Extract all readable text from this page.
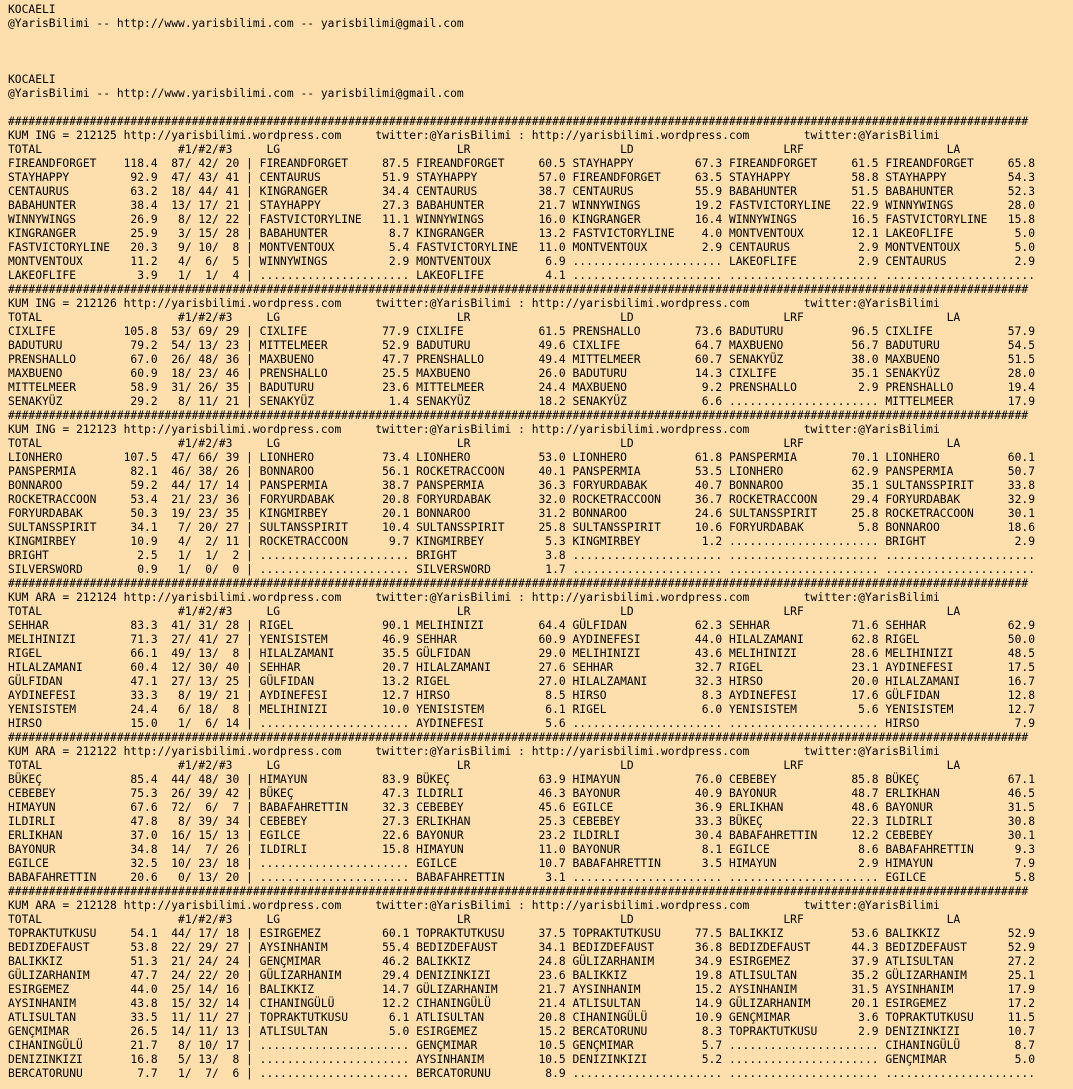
KOCAELI
@YarisBilimi -- http://www.yarisbilimi.com -- yarisbilimi@gmail.com
KOCAELI
@YarisBilimi -- http://www.yarisbilimi.com -- yarisbilimi@gmail.com
######################################################################################################################################################
KUM ING = 212125 http://yarisbilimi.wordpress.com     twitter:@YarisBilimi : http://yarisbilimi.wordpress.com        twitter:@YarisBilimi
TOTAL                    #1/#2/#3     LG                          LR                      LD                      LRF                     LA
FIREANDFORGET    118.4  87/ 42/ 20 | FIREANDFORGET     87.5 FIREANDFORGET     60.5 STAYHAPPY         67.3 FIREANDFORGET     61.5 FIREANDFORGET     65.8
STAYHAPPY         92.9  47/ 43/ 41 | CENTAURUS         51.9 STAYHAPPY         57.0 FIREANDFORGET     63.5 STAYHAPPY         58.8 STAYHAPPY         54.3
CENTAURUS         63.2  18/ 44/ 41 | KINGRANGER        34.4 CENTAURUS         38.7 CENTAURUS         55.9 BABAHUNTER        51.5 BABAHUNTER        52.3
BABAHUNTER        38.4  13/ 17/ 21 | STAYHAPPY         27.3 BABAHUNTER        21.7 WINNYWINGS        19.2 FASTVICTORYLINE   22.9 WINNYWINGS        28.0
WINNYWINGS        26.9   8/ 12/ 22 | FASTVICTORYLINE   11.1 WINNYWINGS        16.0 KINGRANGER        16.4 WINNYWINGS        16.5 FASTVICTORYLINE   15.8
KINGRANGER        25.9   3/ 15/ 28 | BABAHUNTER         8.7 KINGRANGER        13.2 FASTVICTORYLINE    4.0 MONTVENTOUX       12.1 LAKEOFLIFE         5.0
FASTVICTORYLINE   20.3   9/ 10/  8 | MONTVENTOUX        5.4 FASTVICTORYLINE   11.0 MONTVENTOUX        2.9 CENTAURUS          2.9 MONTVENTOUX        5.0
MONTVENTOUX       11.2   4/  6/  5 | WINNYWINGS         2.9 MONTVENTOUX        6.9 ...................... LAKEOFLIFE         2.9 CENTAURUS          2.9
LAKEOFLIFE         3.9   1/  1/  4 | ...................... LAKEOFLIFE         4.1 ...................... ...................... ......................
######################################################################################################################################################
KUM ING = 212126 http://yarisbilimi.wordpress.com     twitter:@YarisBilimi : http://yarisbilimi.wordpress.com        twitter:@YarisBilimi
TOTAL                    #1/#2/#3     LG                          LR                      LD                      LRF                     LA
CIXLIFE          105.8  53/ 69/ 29 | CIXLIFE           77.9 CIXLIFE           61.5 PRENSHALLO        73.6 BADUTURU          96.5 CIXLIFE           57.9
BADUTURU          79.2  54/ 13/ 23 | MITTELMEER        52.9 BADUTURU          49.6 CIXLIFE           64.7 MAXBUENO          56.7 BADUTURU          54.5
PRENSHALLO        67.0  26/ 48/ 36 | MAXBUENO          47.7 PRENSHALLO        49.4 MITTELMEER        60.7 SENAKYÜZ          38.0 MAXBUENO          51.5
MAXBUENO          60.9  18/ 23/ 46 | PRENSHALLO        25.5 MAXBUENO          26.0 BADUTURU          14.3 CIXLIFE           35.1 SENAKYÜZ          28.0
MITTELMEER        58.9  31/ 26/ 35 | BADUTURU          23.6 MITTELMEER        24.4 MAXBUENO           9.2 PRENSHALLO         2.9 PRENSHALLO        19.4
SENAKYÜZ          29.2   8/ 11/ 21 | SENAKYÜZ           1.4 SENAKYÜZ          18.2 SENAKYÜZ           6.6 ...................... MITTELMEER        17.9
######################################################################################################################################################
KUM ING = 212123 http://yarisbilimi.wordpress.com     twitter:@YarisBilimi : http://yarisbilimi.wordpress.com        twitter:@YarisBilimi
TOTAL                    #1/#2/#3     LG                          LR                      LD                      LRF                     LA
LIONHERO         107.5  47/ 66/ 39 | LIONHERO          73.4 LIONHERO          53.0 LIONHERO          61.8 PANSPERMIA        70.1 LIONHERO          60.1
PANSPERMIA        82.1  46/ 38/ 26 | BONNAROO          56.1 ROCKETRACCOON     40.1 PANSPERMIA        53.5 LIONHERO          62.9 PANSPERMIA        50.7
BONNAROO          59.2  44/ 17/ 14 | PANSPERMIA        38.7 PANSPERMIA        36.3 FORYURDABAK       40.7 BONNAROO          35.1 SULTANSSPIRIT     33.8
ROCKETRACCOON     53.4  21/ 23/ 36 | FORYURDABAK       20.8 FORYURDABAK       32.0 ROCKETRACCOON     36.7 ROCKETRACCOON     29.4 FORYURDABAK       32.9
FORYURDABAK       50.3  19/ 23/ 35 | KINGMIRBEY        20.1 BONNAROO          31.2 BONNAROO          24.6 SULTANSSPIRIT     25.8 ROCKETRACCOON     30.1
SULTANSSPIRIT     34.1   7/ 20/ 27 | SULTANSSPIRIT     10.4 SULTANSSPIRIT     25.8 SULTANSSPIRIT     10.6 FORYURDABAK        5.8 BONNAROO          18.6
KINGMIRBEY        10.9   4/  2/ 11 | ROCKETRACCOON      9.7 KINGMIRBEY         5.3 KINGMIRBEY         1.2 ...................... BRIGHT             2.9
BRIGHT             2.5   1/  1/  2 | ...................... BRIGHT             3.8 ...................... ...................... ......................
SILVERSWORD        0.9   1/  0/  0 | ...................... SILVERSWORD        1.7 ...................... ...................... ......................
######################################################################################################################################################
KUM ARA = 212124 http://yarisbilimi.wordpress.com     twitter:@YarisBilimi : http://yarisbilimi.wordpress.com        twitter:@YarisBilimi
TOTAL                    #1/#2/#3     LG                          LR                      LD                      LRF                     LA
SEHHAR            83.3  41/ 31/ 28 | RIGEL             90.1 MELIHINIZI        64.4 GÜLFIDAN          62.3 SEHHAR            71.6 SEHHAR            62.9
MELIHINIZI        71.3  27/ 41/ 27 | YENISISTEM        46.9 SEHHAR            60.9 AYDINEFESI        44.0 HILALZAMANI       62.8 RIGEL             50.0
RIGEL             66.1  49/ 13/  8 | HILALZAMANI       35.5 GÜLFIDAN          29.0 MELIHINIZI        43.6 MELIHINIZI        28.6 MELIHINIZI        48.5
HILALZAMANI       60.4  12/ 30/ 40 | SEHHAR            20.7 HILALZAMANI       27.6 SEHHAR            32.7 RIGEL             23.1 AYDINEFESI        17.5
GÜLFIDAN          47.1  27/ 13/ 25 | GÜLFIDAN          13.2 RIGEL             27.0 HILALZAMANI       32.3 HIRSO             20.0 HILALZAMANI       16.7
AYDINEFESI        33.3   8/ 19/ 21 | AYDINEFESI        12.7 HIRSO              8.5 HIRSO              8.3 AYDINEFESI        17.6 GÜLFIDAN          12.8
YENISISTEM        24.4   6/ 18/  8 | MELIHINIZI        10.0 YENISISTEM         6.1 RIGEL              6.0 YENISISTEM         5.6 YENISISTEM        12.7
HIRSO             15.0   1/  6/ 14 | ...................... AYDINEFESI         5.6 ...................... ...................... HIRSO              7.9
######################################################################################################################################################
KUM ARA = 212122 http://yarisbilimi.wordpress.com     twitter:@YarisBilimi : http://yarisbilimi.wordpress.com        twitter:@YarisBilimi
TOTAL                    #1/#2/#3     LG                          LR                      LD                      LRF                     LA
BÜKEÇ             85.4  44/ 48/ 30 | HIMAYUN           83.9 BÜKEÇ             63.9 HIMAYUN           76.0 CEBEBEY           85.8 BÜKEÇ             67.1
CEBEBEY           75.3  26/ 39/ 42 | BÜKEÇ             47.3 ILDIRLI           46.3 BAYONUR           40.9 BAYONUR           48.7 ERLIKHAN          46.5
HIMAYUN           67.6  72/  6/  7 | BABAFAHRETTIN     32.3 CEBEBEY           45.6 EGILCE            36.9 ERLIKHAN          48.6 BAYONUR           31.5
ILDIRLI           47.8   8/ 39/ 34 | CEBEBEY           27.3 ERLIKHAN          25.3 CEBEBEY           33.3 BÜKEÇ             22.3 ILDIRLI           30.8
ERLIKHAN          37.0  16/ 15/ 13 | EGILCE            22.6 BAYONUR           23.2 ILDIRLI           30.4 BABAFAHRETTIN     12.2 CEBEBEY           30.1
BAYONUR           34.8  14/  7/ 26 | ILDIRLI           15.8 HIMAYUN           11.0 BAYONUR            8.1 EGILCE             8.6 BABAFAHRETTIN      9.3
EGILCE            32.5  10/ 23/ 18 | ...................... EGILCE            10.7 BABAFAHRETTIN      3.5 HIMAYUN            2.9 HIMAYUN            7.9
BABAFAHRETTIN     20.6   0/ 13/ 20 | ...................... BABAFAHRETTIN      3.1 ...................... ...................... EGILCE             5.8
######################################################################################################################################################
KUM ARA = 212128 http://yarisbilimi.wordpress.com     twitter:@YarisBilimi : http://yarisbilimi.wordpress.com        twitter:@YarisBilimi
TOTAL                    #1/#2/#3     LG                          LR                      LD                      LRF                     LA
TOPRAKTUTKUSU     54.1  44/ 17/ 18 | ESIRGEMEZ         60.1 TOPRAKTUTKUSU     37.5 TOPRAKTUTKUSU     77.5 BALIKKIZ          53.6 BALIKKIZ          52.9
BEDIZDEFAUST      53.8  22/ 29/ 27 | AYSINHANIM        55.4 BEDIZDEFAUST      34.1 BEDIZDEFAUST      36.8 BEDIZDEFAUST      44.3 BEDIZDEFAUST      52.9
BALIKKIZ          51.3  21/ 24/ 24 | GENÇMIMAR         46.2 BALIKKIZ          24.8 GÜLIZARHANIM      34.9 ESIRGEMEZ         37.9 ATLISULTAN        27.2
GÜLIZARHANIM      47.7  24/ 22/ 20 | GÜLIZARHANIM      29.4 DENIZINKIZI       23.6 BALIKKIZ          19.8 ATLISULTAN        35.2 GÜLIZARHANIM      25.1
ESIRGEMEZ         44.0  25/ 14/ 16 | BALIKKIZ          14.7 GÜLIZARHANIM      21.7 AYSINHANIM        15.2 AYSINHANIM        31.5 AYSINHANIM        17.9
AYSINHANIM        43.8  15/ 32/ 14 | CIHANINGÜLÜ       12.2 CIHANINGÜLÜ       21.4 ATLISULTAN        14.9 GÜLIZARHANIM      20.1 ESIRGEMEZ         17.2
ATLISULTAN        33.5  11/ 11/ 27 | TOPRAKTUTKUSU      6.1 ATLISULTAN        20.8 CIHANINGÜLÜ       10.9 GENÇMIMAR          3.6 TOPRAKTUTKUSU     11.5
GENÇMIMAR         26.5  14/ 11/ 13 | ATLISULTAN         5.0 ESIRGEMEZ         15.2 BERCATORUNU        8.3 TOPRAKTUTKUSU      2.9 DENIZINKIZI       10.7
CIHANINGÜLÜ       21.7   8/ 10/ 17 | ...................... GENÇMIMAR         10.5 GENÇMIMAR          5.7 ...................... CIHANINGÜLÜ        8.7
DENIZINKIZI       16.8   5/ 13/  8 | ...................... AYSINHANIM        10.5 DENIZINKIZI        5.2 ...................... GENÇMIMAR          5.0
BERCATORUNU        7.7   1/  7/  6 | ...................... BERCATORUNU        8.9 ...................... ...................... ......................
